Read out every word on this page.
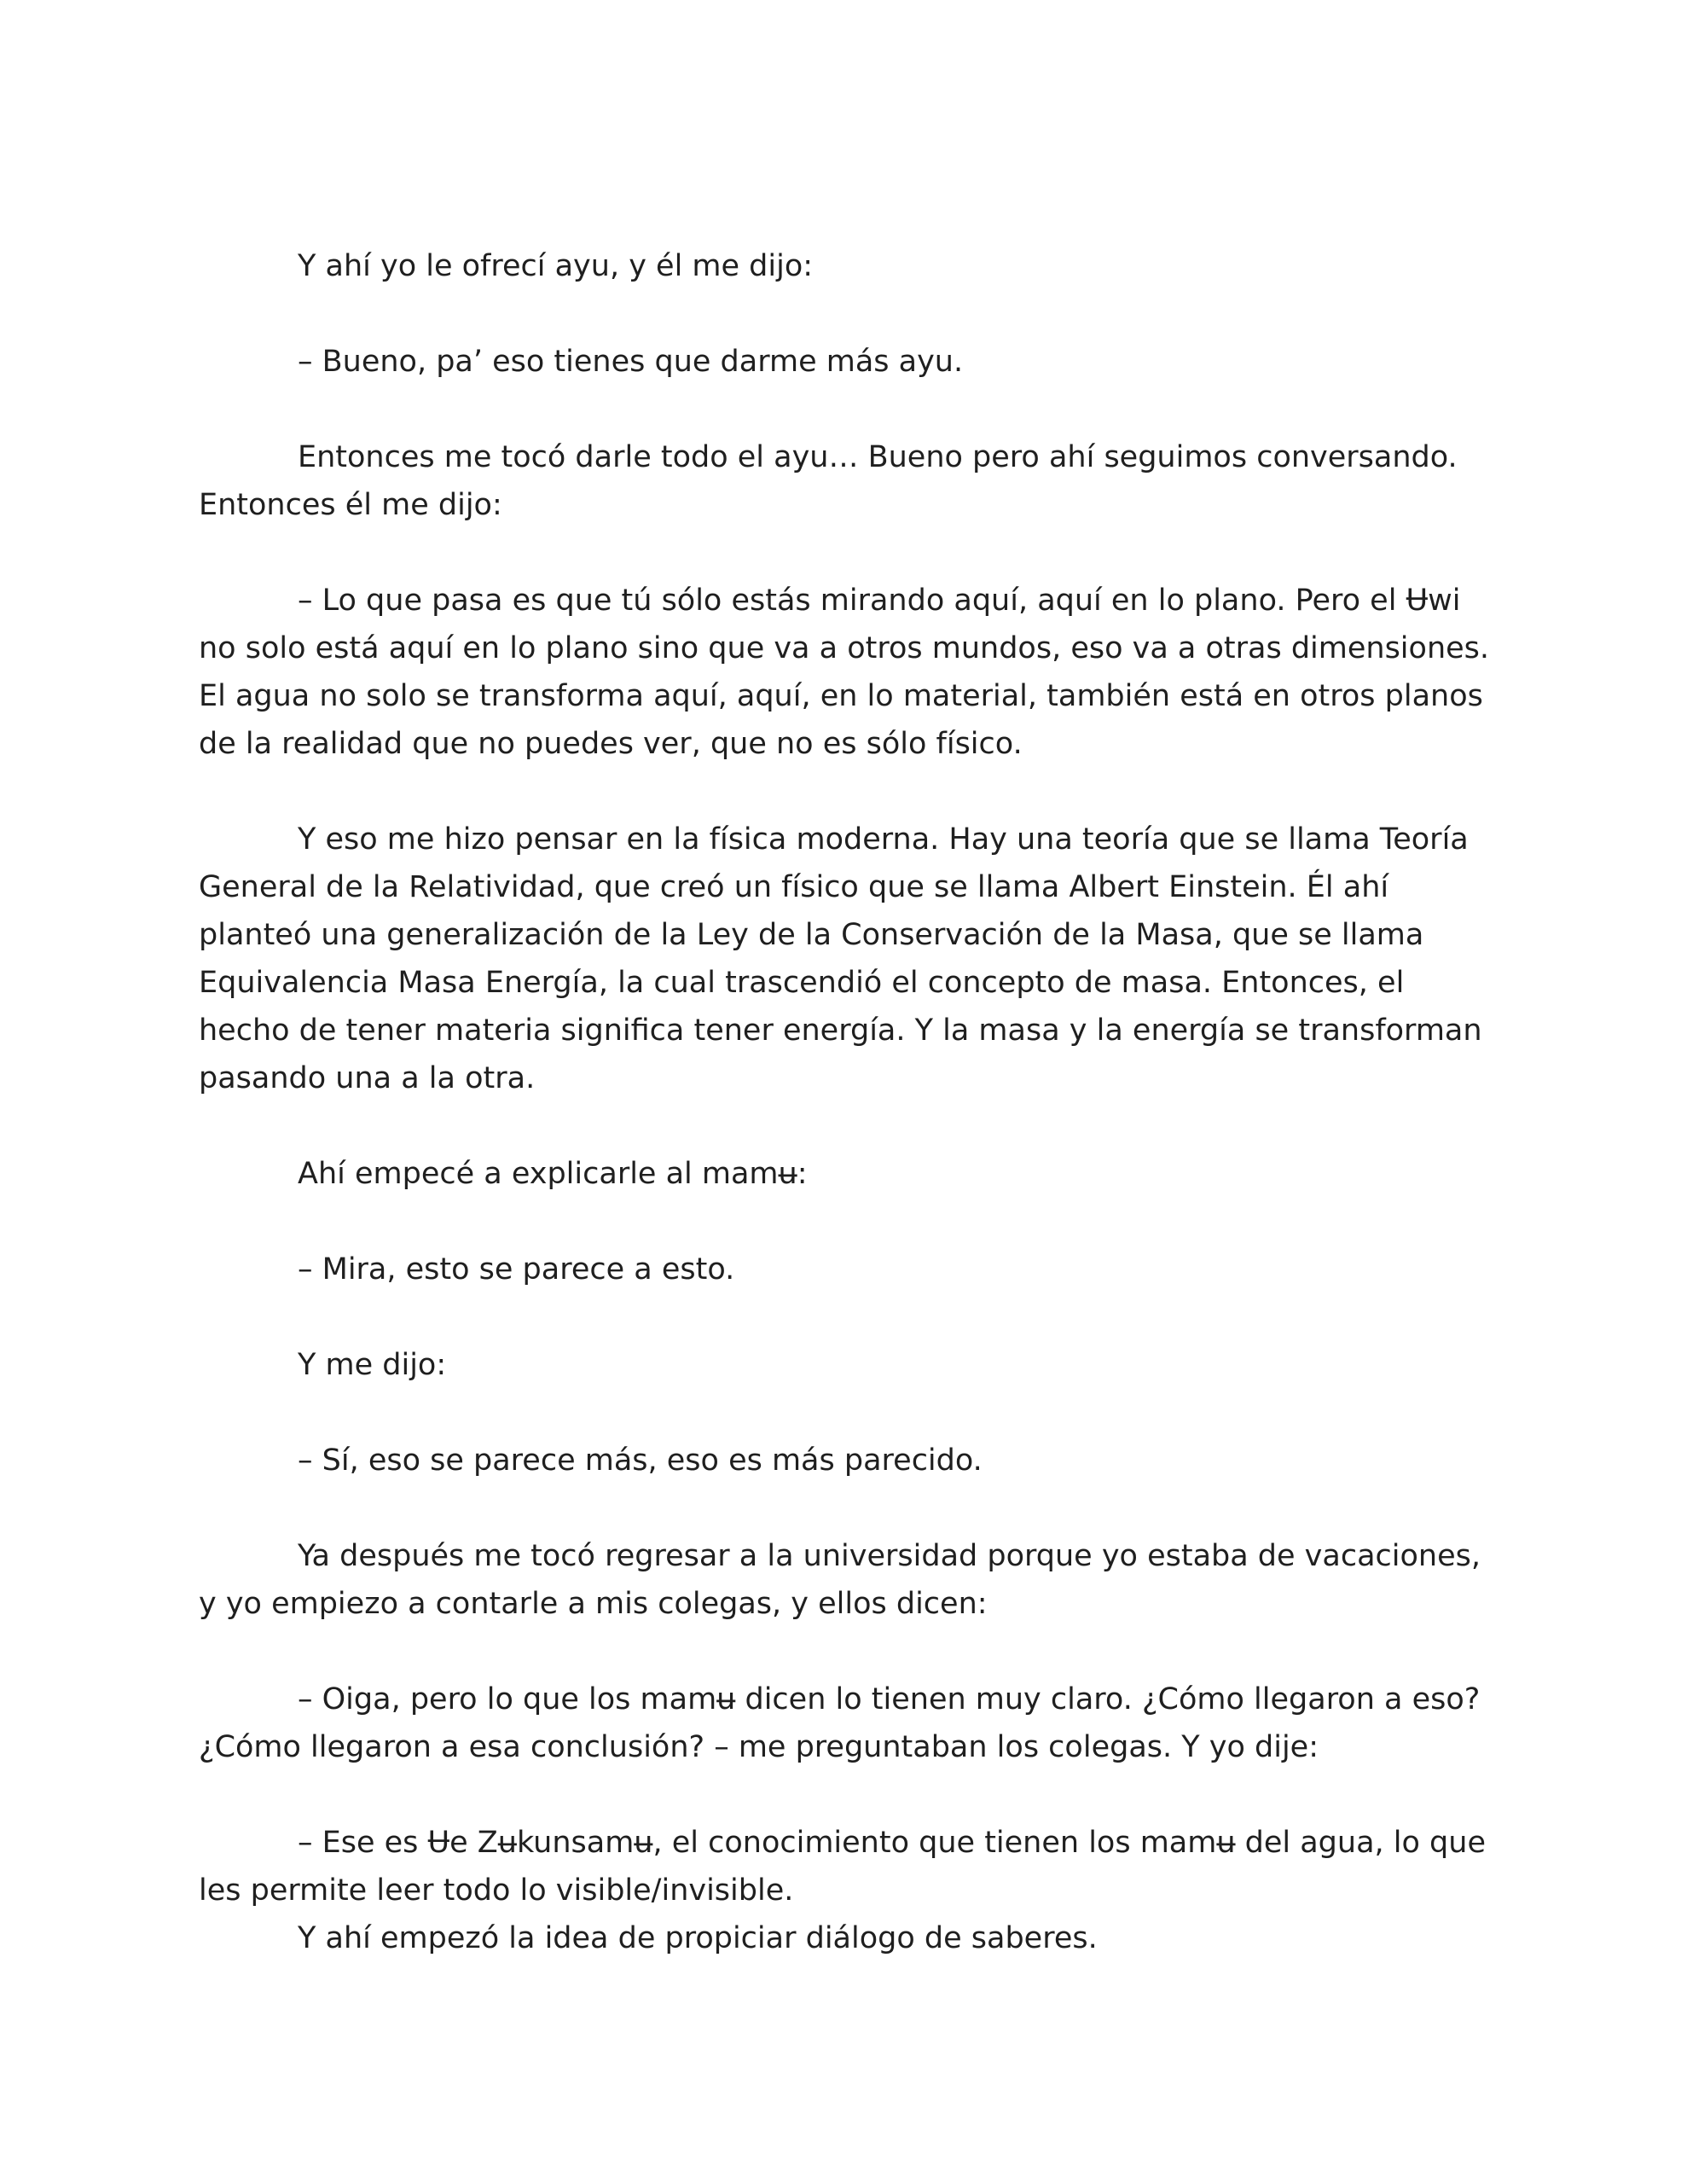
Y ahí yo le ofrecí ayu, y él me dijo:

– Bueno, pa’ eso tienes que darme más ayu.

Entonces me tocó darle todo el ayu… Bueno pero ahí seguimos conversando. Entonces él me dijo:

– Lo que pasa es que tú sólo estás mirando aquí, aquí en lo plano. Pero el Ʉwi no solo está aquí en lo plano sino que va a otros mundos, eso va a otras dimensiones. El agua no solo se transforma aquí, aquí, en lo material, también está en otros planos de la realidad que no puedes ver, que no es sólo físico.

Y eso me hizo pensar en la física moderna. Hay una teoría que se llama Teoría General de la Relatividad, que creó un físico que se llama Albert Einstein. Él ahí planteó una generalización de la Ley de la Conservación de la Masa, que se llama Equivalencia Masa Energía, la cual trascendió el concepto de masa. Entonces, el hecho de tener materia significa tener energía. Y la masa y la energía se transforman pasando una a la otra.

Ahí empecé a explicarle al mamʉ:

– Mira, esto se parece a esto.

Y me dijo:

– Sí, eso se parece más, eso es más parecido.

Ya después me tocó regresar a la universidad porque yo estaba de vacaciones, y yo empiezo a contarle a mis colegas, y ellos dicen:

– Oiga, pero lo que los mamʉ dicen lo tienen muy claro. ¿Cómo llegaron a eso? ¿Cómo llegaron a esa conclusión? – me preguntaban los colegas. Y yo dije:

– Ese es Ʉe Zʉkunsamʉ, el conocimiento que tienen los mamʉ del agua, lo que les permite leer todo lo visible/invisible.

Y ahí empezó la idea de propiciar diálogo de saberes.
